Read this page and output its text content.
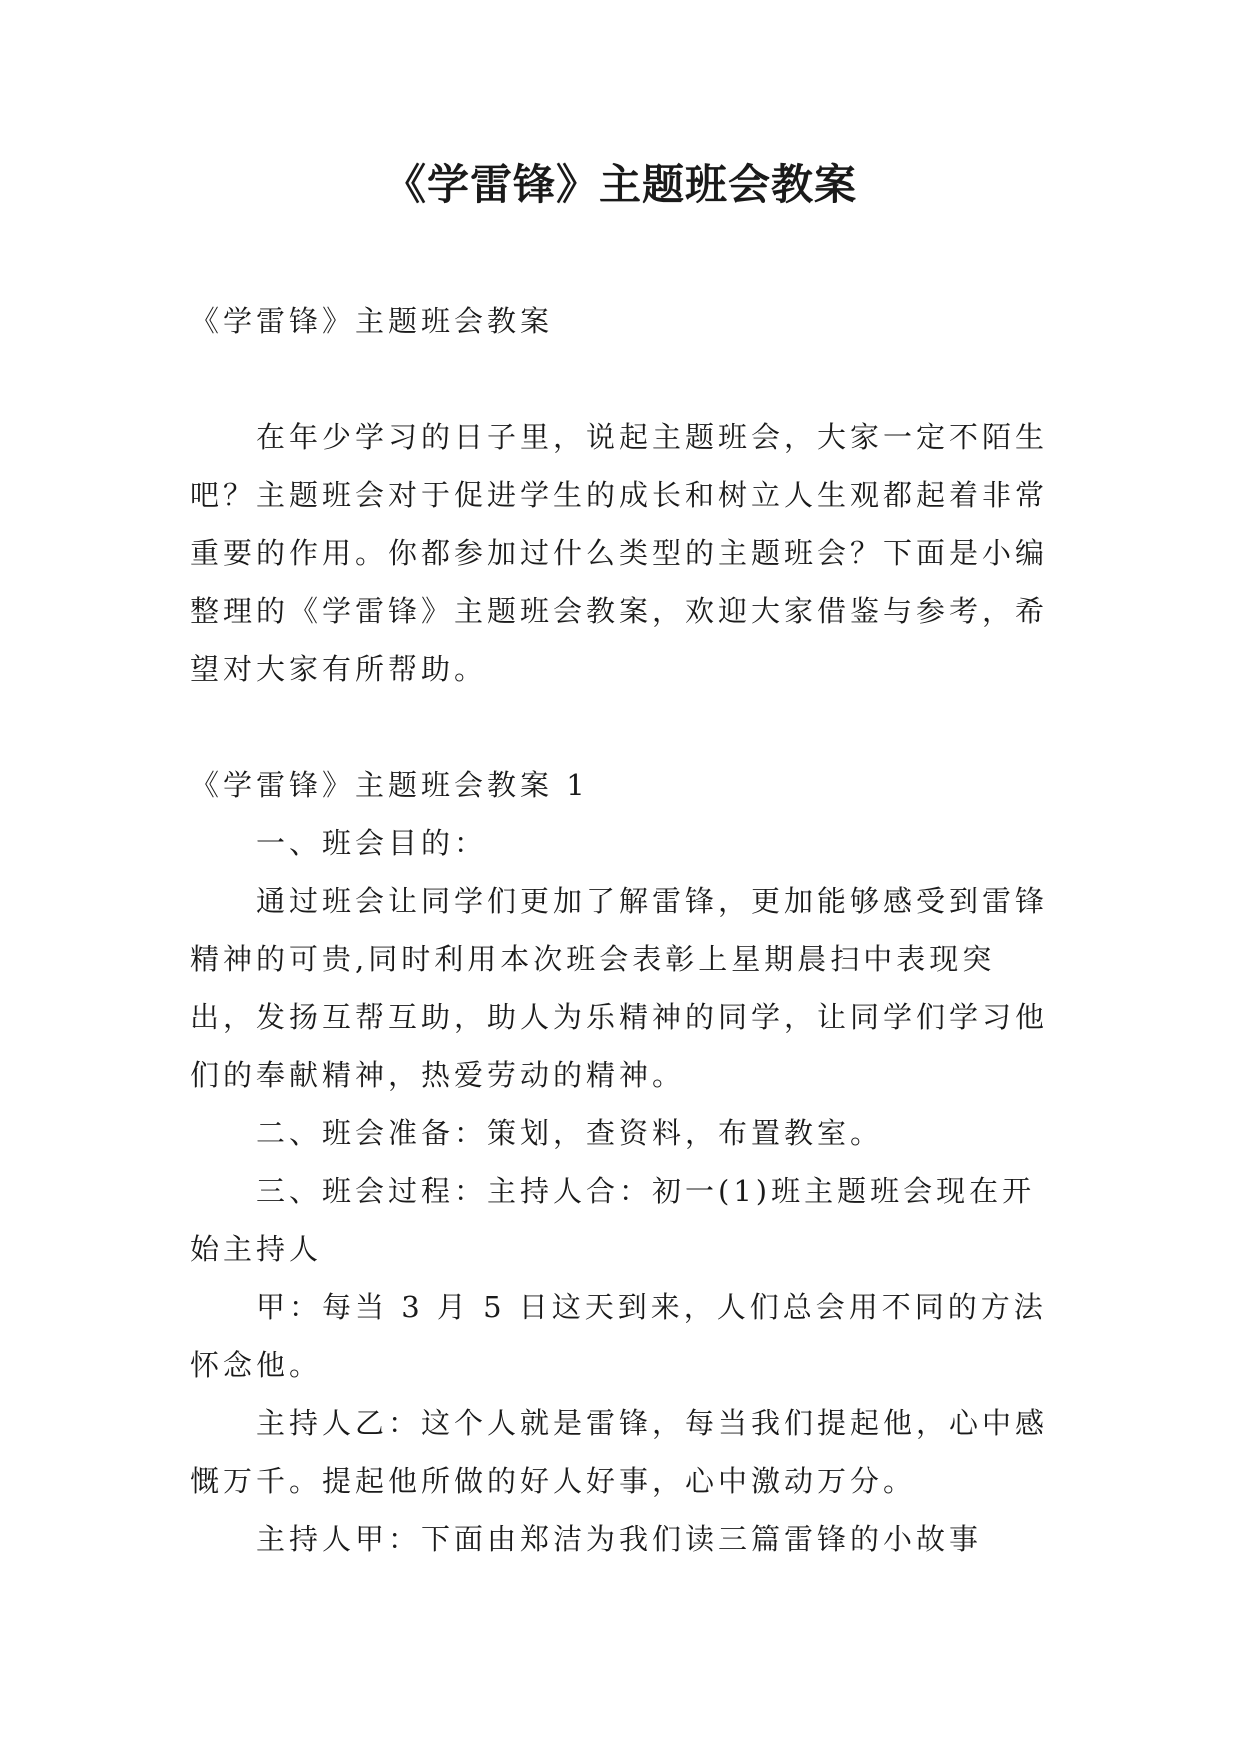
《学雷锋》主题班会教案

《学雷锋》主题班会教案

在年少学习的日子里，说起主题班会，大家一定不陌生吧？主题班会对于促进学生的成长和树立人生观都起着非常重要的作用。你都参加过什么类型的主题班会？下面是小编整理的《学雷锋》主题班会教案，欢迎大家借鉴与参考，希望对大家有所帮助。

《学雷锋》主题班会教案 1

一、班会目的：

通过班会让同学们更加了解雷锋，更加能够感受到雷锋精神的可贵,同时利用本次班会表彰上星期晨扫中表现突出，发扬互帮互助，助人为乐精神的同学，让同学们学习他们的奉献精神，热爱劳动的精神。

二、班会准备：策划，查资料，布置教室。

三、班会过程：主持人合：初一(1)班主题班会现在开始主持人

甲：每当 3 月 5 日这天到来，人们总会用不同的方法怀念他。

主持人乙：这个人就是雷锋，每当我们提起他，心中感慨万千。提起他所做的好人好事，心中激动万分。

主持人甲：下面由郑洁为我们读三篇雷锋的小故事
